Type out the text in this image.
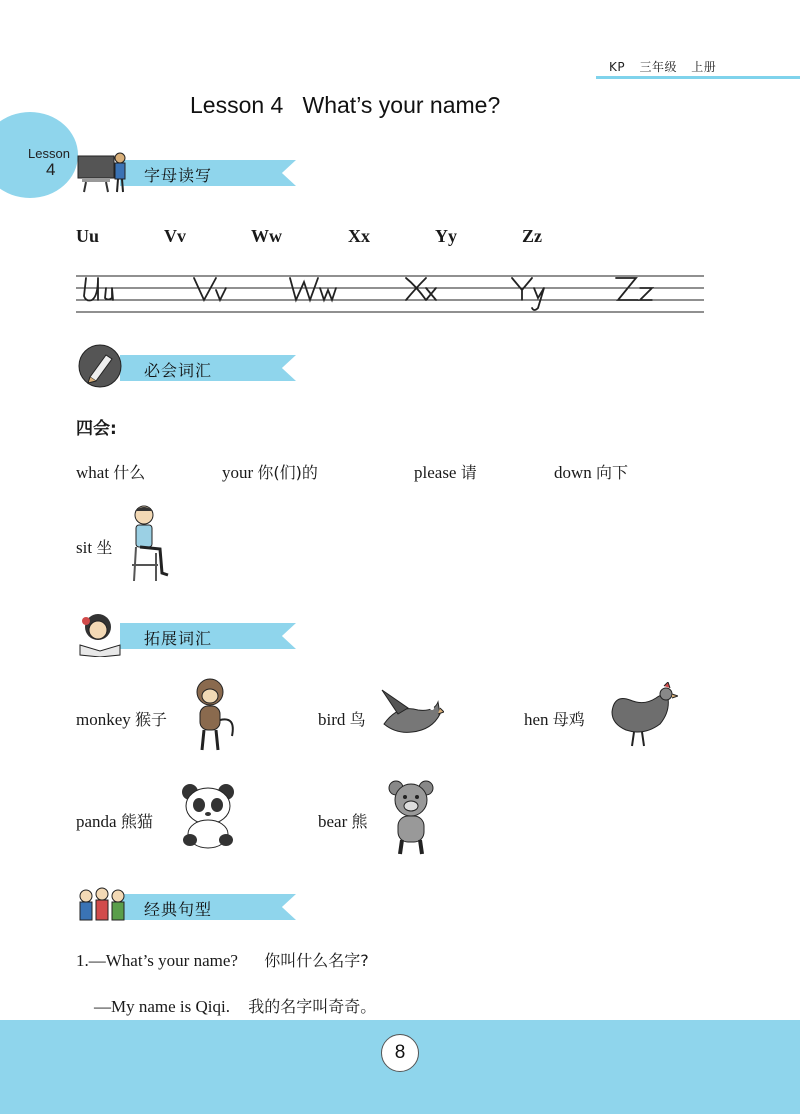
KP 三年级 上册
Lesson
4
Lesson 4   What’s your name?
字母读写
Uu	Vv	Ww	Xx	Yy	Zz
必会词汇
四会:
what 什么	your 你(们)的	please 请	down 向下
sit 坐
拓展词汇
monkey 猴子	bird 鸟	hen 母鸡
panda 熊猫	bear 熊
经典句型
1.—What’s your name? 你叫什么名字?
—My name is Qiqi. 我的名字叫奇奇。
8
